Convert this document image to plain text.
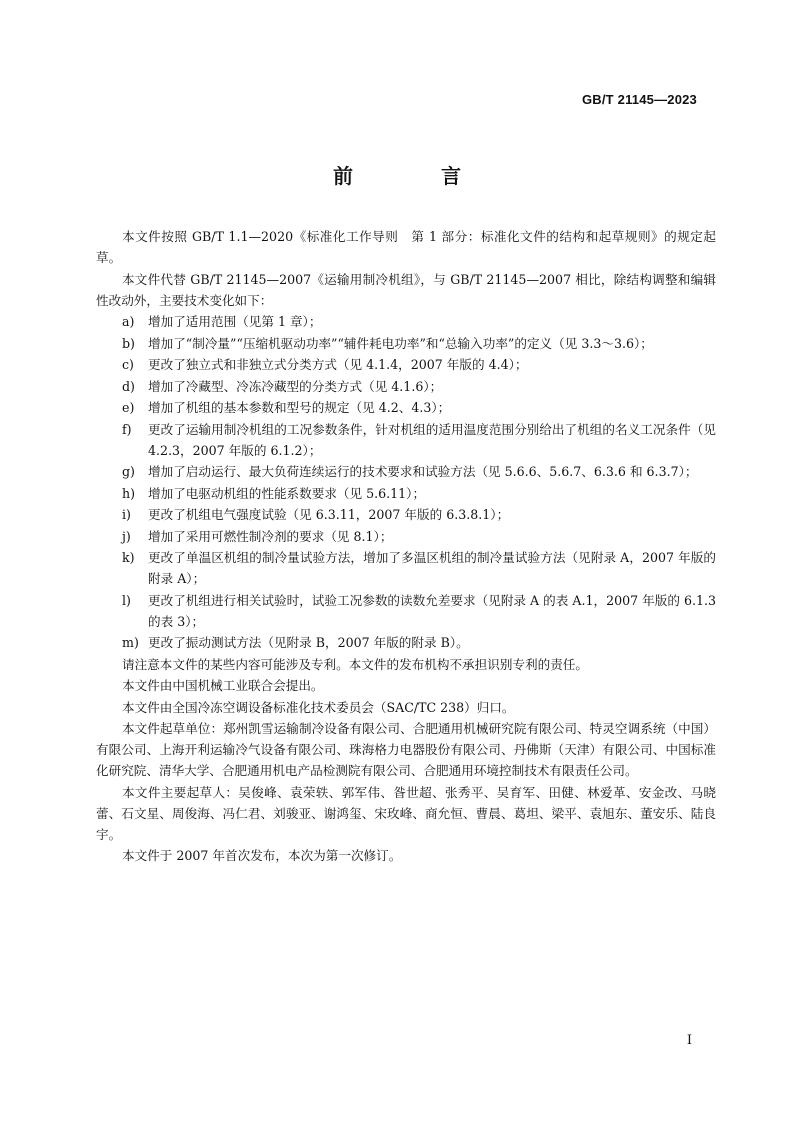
GB/T 21145—2023
前　言

本文件按照 GB/T 1.1—2020《标准化工作导则　第 1 部分：标准化文件的结构和起草规则》的规定起草。

本文件代替 GB/T 21145—2007《运输用制冷机组》，与 GB/T 21145—2007 相比，除结构调整和编辑性改动外，主要技术变化如下：

a)	增加了适用范围（见第 1 章）；
b)	增加了“制冷量”“压缩机驱动功率”“辅件耗电功率”和“总输入功率”的定义（见 3.3～3.6）；
c)	更改了独立式和非独立式分类方式（见 4.1.4，2007 年版的 4.4）；
d)	增加了冷藏型、冷冻冷藏型的分类方式（见 4.1.6）；
e)	增加了机组的基本参数和型号的规定（见 4.2、4.3）；
f)	更改了运输用制冷机组的工况参数条件，针对机组的适用温度范围分别给出了机组的名义工况条件（见 4.2.3，2007 年版的 6.1.2）；
g)	增加了启动运行、最大负荷连续运行的技术要求和试验方法（见 5.6.6、5.6.7、6.3.6 和 6.3.7）；
h)	增加了电驱动机组的性能系数要求（见 5.6.11）；
i)	更改了机组电气强度试验（见 6.3.11，2007 年版的 6.3.8.1）；
j)	增加了采用可燃性制冷剂的要求（见 8.1）；
k)	更改了单温区机组的制冷量试验方法，增加了多温区机组的制冷量试验方法（见附录 A，2007 年版的附录 A）；
l)	更改了机组进行相关试验时，试验工况参数的读数允差要求（见附录 A 的表 A.1，2007 年版的 6.1.3 的表 3）；
m) 更改了振动测试方法（见附录 B，2007 年版的附录 B）。

请注意本文件的某些内容可能涉及专利。本文件的发布机构不承担识别专利的责任。

本文件由中国机械工业联合会提出。

本文件由全国冷冻空调设备标准化技术委员会（SAC/TC 238）归口。

本文件起草单位：郑州凯雪运输制冷设备有限公司、合肥通用机械研究院有限公司、特灵空调系统（中国）有限公司、上海开利运输冷气设备有限公司、珠海格力电器股份有限公司、丹佛斯（天津）有限公司、中国标准化研究院、清华大学、合肥通用机电产品检测院有限公司、合肥通用环境控制技术有限责任公司。

本文件主要起草人：吴俊峰、袁荣轶、郭军伟、昝世超、张秀平、吴育军、田健、林爱革、安金改、马晓蕾、石文星、周俊海、冯仁君、刘骏亚、谢鸿玺、宋玫峰、商允恒、曹晨、葛坦、梁平、袁旭东、董安乐、陆良宇。

本文件于 2007 年首次发布，本次为第一次修订。

I
